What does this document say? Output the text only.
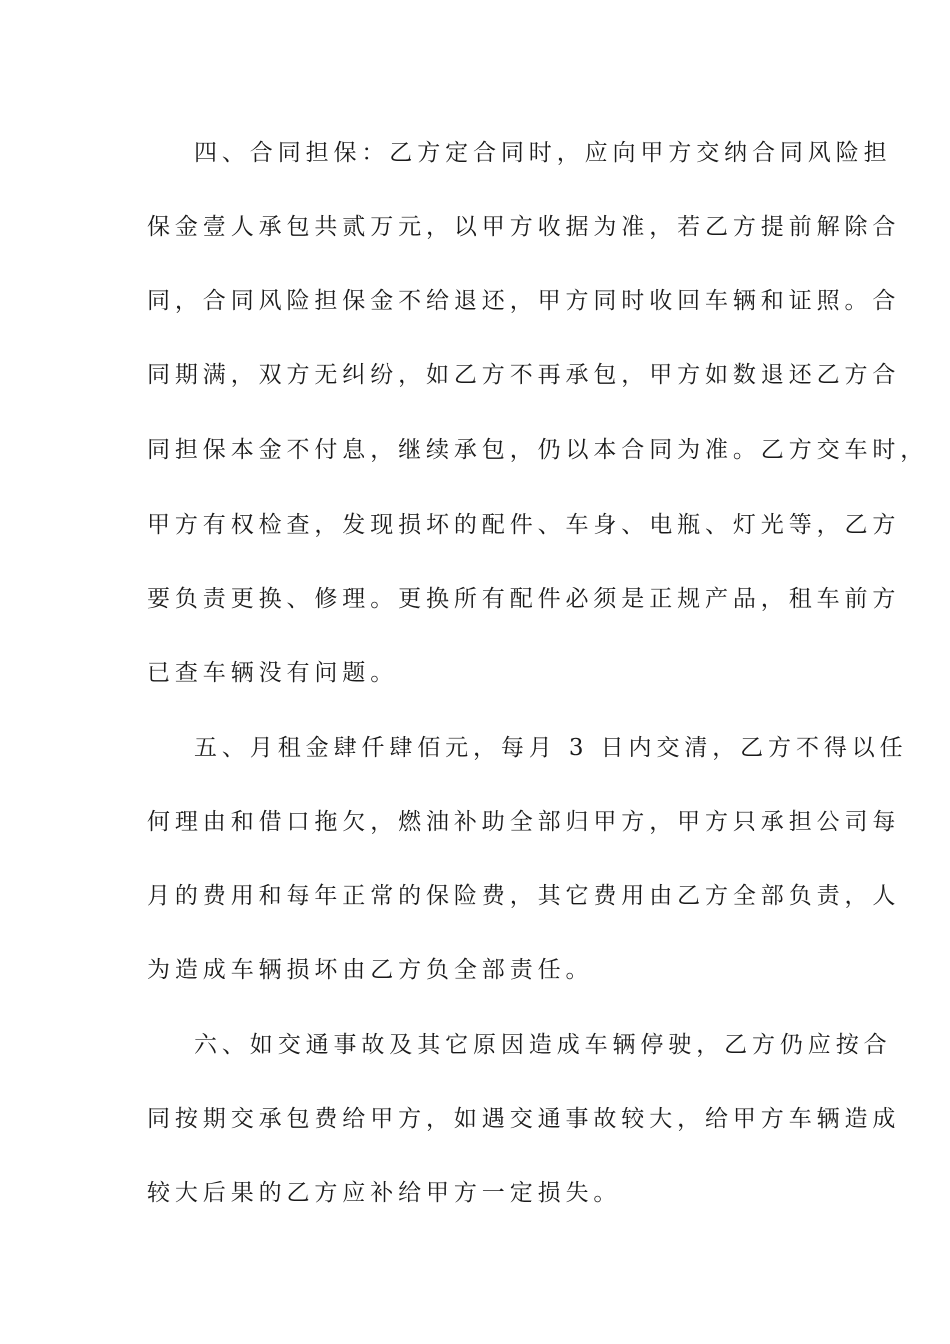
四、合同担保：乙方定合同时，应向甲方交纳合同风险担
保金壹人承包共贰万元，以甲方收据为准，若乙方提前解除合
同，合同风险担保金不给退还，甲方同时收回车辆和证照。合
同期满，双方无纠纷，如乙方不再承包，甲方如数退还乙方合
同担保本金不付息，继续承包，仍以本合同为准。乙方交车时，
甲方有权检查，发现损坏的配件、车身、电瓶、灯光等，乙方
要负责更换、修理。更换所有配件必须是正规产品，租车前方
已查车辆没有问题。
五、月租金肆仟肆佰元，每月 3 日内交清，乙方不得以任
何理由和借口拖欠，燃油补助全部归甲方，甲方只承担公司每
月的费用和每年正常的保险费，其它费用由乙方全部负责，人
为造成车辆损坏由乙方负全部责任。
六、如交通事故及其它原因造成车辆停驶，乙方仍应按合
同按期交承包费给甲方，如遇交通事故较大，给甲方车辆造成
较大后果的乙方应补给甲方一定损失。
